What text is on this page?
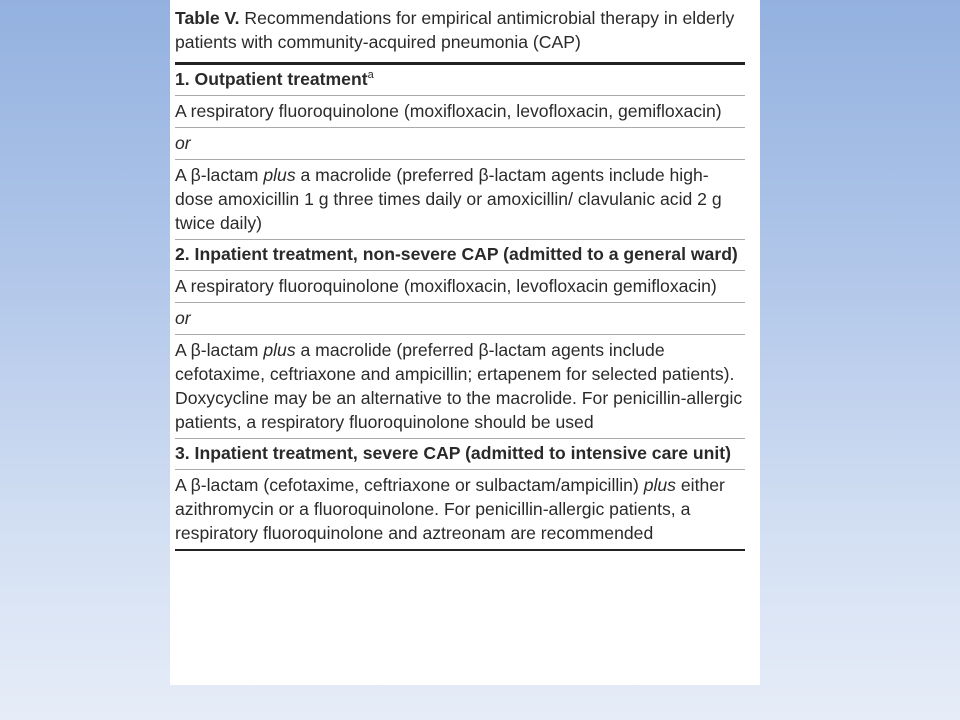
Table V. Recommendations for empirical antimicrobial therapy in elderly patients with community-acquired pneumonia (CAP)
1. Outpatient treatment$^a$
A respiratory fluoroquinolone (moxifloxacin, levofloxacin, gemifloxacin)
or
A β-lactam plus a macrolide (preferred β-lactam agents include high-dose amoxicillin 1 g three times daily or amoxicillin/ clavulanic acid 2 g twice daily)
2. Inpatient treatment, non-severe CAP (admitted to a general ward)
A respiratory fluoroquinolone (moxifloxacin, levofloxacin gemifloxacin)
or
A β-lactam plus a macrolide (preferred β-lactam agents include cefotaxime, ceftriaxone and ampicillin; ertapenem for selected patients). Doxycycline may be an alternative to the macrolide. For penicillin-allergic patients, a respiratory fluoroquinolone should be used
3. Inpatient treatment, severe CAP (admitted to intensive care unit)
A β-lactam (cefotaxime, ceftriaxone or sulbactam/ampicillin) plus either azithromycin or a fluoroquinolone. For penicillin-allergic patients, a respiratory fluoroquinolone and aztreonam are recommended
